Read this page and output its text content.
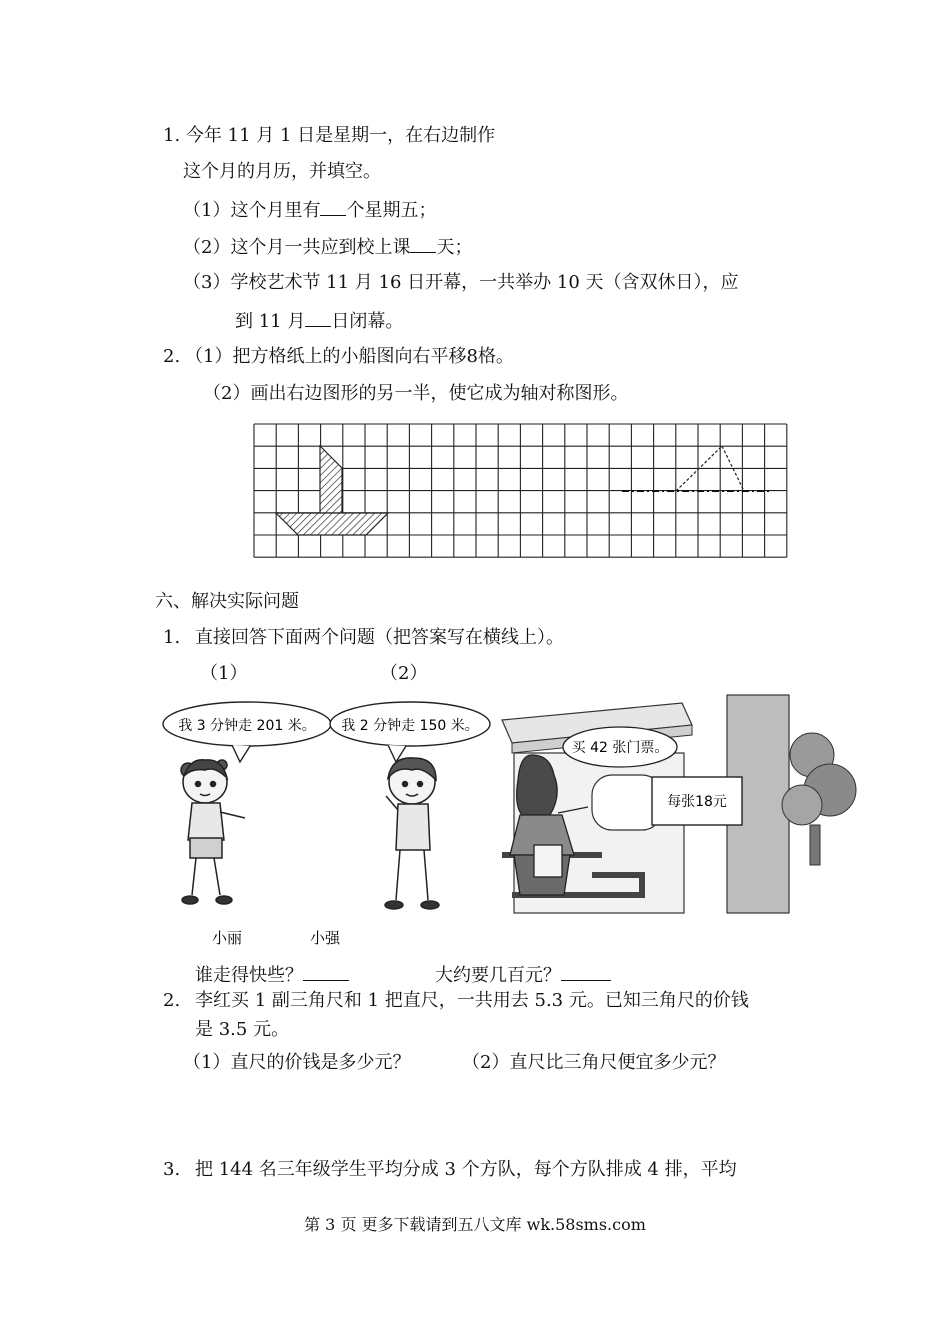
1. 今年 11 月 1 日是星期一，在右边制作
这个月的月历，并填空。
（1）这个月里有 个星期五；
（2）这个月一共应到校上课 天；
（3）学校艺术节 11 月 16 日开幕，一共举办 10 天（含双休日），应
到 11 月 日闭幕。
2. （1）把方格纸上的小船图向右平移8格。
（2）画出右边图形的另一半，使它成为轴对称图形。
六、解决实际问题
1. 直接回答下面两个问题（把答案写在横线上）。
（1）	（2）
我 3 分钟走 201 米。 我 2 分钟走 150 米。
小丽	小强
买 42 张门票。
每张18元
谁走得快些？	大约要几百元？
2. 李红买 1 副三角尺和 1 把直尺，一共用去 5.3 元。已知三角尺的价钱
是 3.5 元。
（1）直尺的价钱是多少元？	（2）直尺比三角尺便宜多少元？
3. 把 144 名三年级学生平均分成 3 个方队，每个方队排成 4 排，平均
第 3 页 更多下载请到五八文库 wk.58sms.com
